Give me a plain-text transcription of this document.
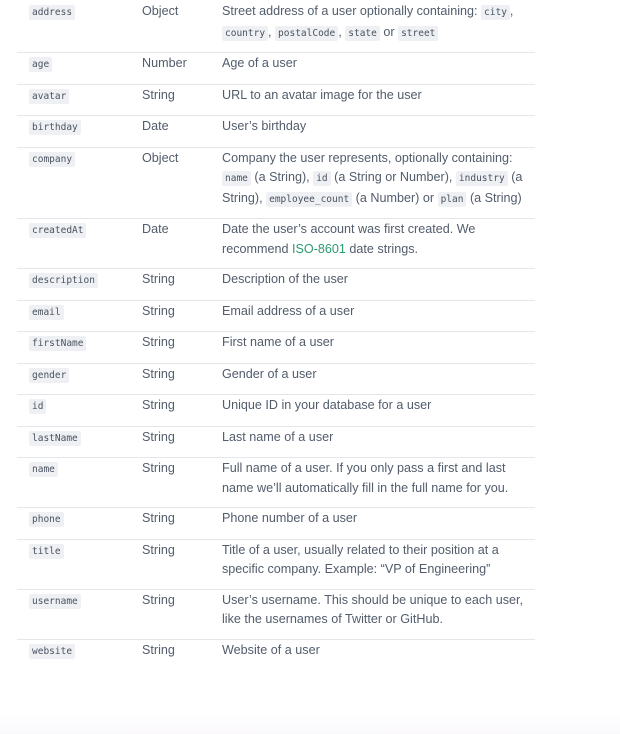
address	Object	Street address of a user optionally containing: city , country , postalCode , state or street
age	Number	Age of a user
avatar	String	URL to an avatar image for the user
birthday	Date	User’s birthday
company	Object	Company the user represents, optionally containing: name (a String), id (a String or Number), industry (a String), employee_count (a Number) or plan (a String)
createdAt	Date	Date the user’s account was first created. We recommend ISO-8601 date strings.
description	String	Description of the user
email	String	Email address of a user
firstName	String	First name of a user
gender	String	Gender of a user
id	String	Unique ID in your database for a user
lastName	String	Last name of a user
name	String	Full name of a user. If you only pass a first and last name we’ll automatically fill in the full name for you.
phone	String	Phone number of a user
title	String	Title of a user, usually related to their position at a specific company. Example: “VP of Engineering”
username	String	User’s username. This should be unique to each user, like the usernames of Twitter or GitHub.
website	String	Website of a user
